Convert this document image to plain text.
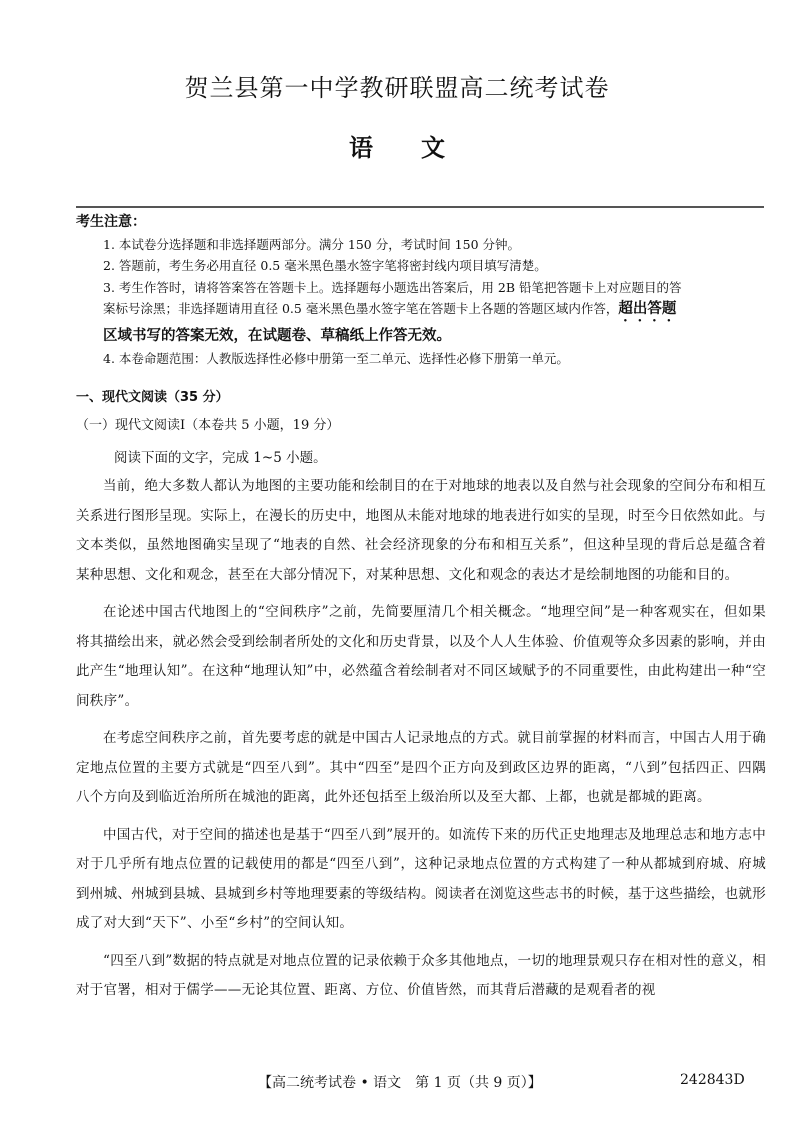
贺兰县第一中学教研联盟高二统考试卷
语文
考生注意：
1. 本试卷分选择题和非选择题两部分。满分 150 分，考试时间 150 分钟。
2. 答题前，考生务必用直径 0.5 毫米黑色墨水签字笔将密封线内项目填写清楚。
3. 考生作答时，请将答案答在答题卡上。选择题每小题选出答案后，用 2B 铅笔把答题卡上对应题目的答
案标号涂黑；非选择题请用直径 0.5 毫米黑色墨水签字笔在答题卡上各题的答题区域内作答，超出答题
区域书写的答案无效，在试题卷、草稿纸上作答无效。
4. 本卷命题范围：人教版选择性必修中册第一至二单元、选择性必修下册第一单元。
一、现代文阅读（35 分）
（一）现代文阅读Ⅰ（本卷共 5 小题，19 分）
阅读下面的文字，完成 1~5 小题。

当前，绝大多数人都认为地图的主要功能和绘制目的在于对地球的地表以及自然与社会现象的空间分布和相互关系进行图形呈现。实际上，在漫长的历史中，地图从未能对地球的地表进行如实的呈现，时至今日依然如此。与文本类似，虽然地图确实呈现了“地表的自然、社会经济现象的分布和相互关系”，但这种呈现的背后总是蕴含着某种思想、文化和观念，甚至在大部分情况下，对某种思想、文化和观念的表达才是绘制地图的功能和目的。

在论述中国古代地图上的“空间秩序”之前，先简要厘清几个相关概念。“地理空间”是一种客观实在，但如果将其描绘出来，就必然会受到绘制者所处的文化和历史背景，以及个人人生体验、价值观等众多因素的影响，并由此产生“地理认知”。在这种“地理认知”中，必然蕴含着绘制者对不同区域赋予的不同重要性，由此构建出一种“空间秩序”。

在考虑空间秩序之前，首先要考虑的就是中国古人记录地点的方式。就目前掌握的材料而言，中国古人用于确定地点位置的主要方式就是“四至八到”。其中“四至”是四个正方向及到政区边界的距离，“八到”包括四正、四隅八个方向及到临近治所所在城池的距离，此外还包括至上级治所以及至大都、上都，也就是都城的距离。

中国古代，对于空间的描述也是基于“四至八到”展开的。如流传下来的历代正史地理志及地理总志和地方志中对于几乎所有地点位置的记载使用的都是“四至八到”，这种记录地点位置的方式构建了一种从都城到府城、府城到州城、州城到县城、县城到乡村等地理要素的等级结构。阅读者在浏览这些志书的时候，基于这些描绘，也就形成了对大到“天下”、小至“乡村”的空间认知。

“四至八到”数据的特点就是对地点位置的记录依赖于众多其他地点，一切的地理景观只存在相对性的意义，相对于官署，相对于儒学——无论其位置、距离、方位、价值皆然，而其背后潜藏的是观看者的视

【高二统考试卷 • 语文　第 1 页（共 9 页）】	242843D
